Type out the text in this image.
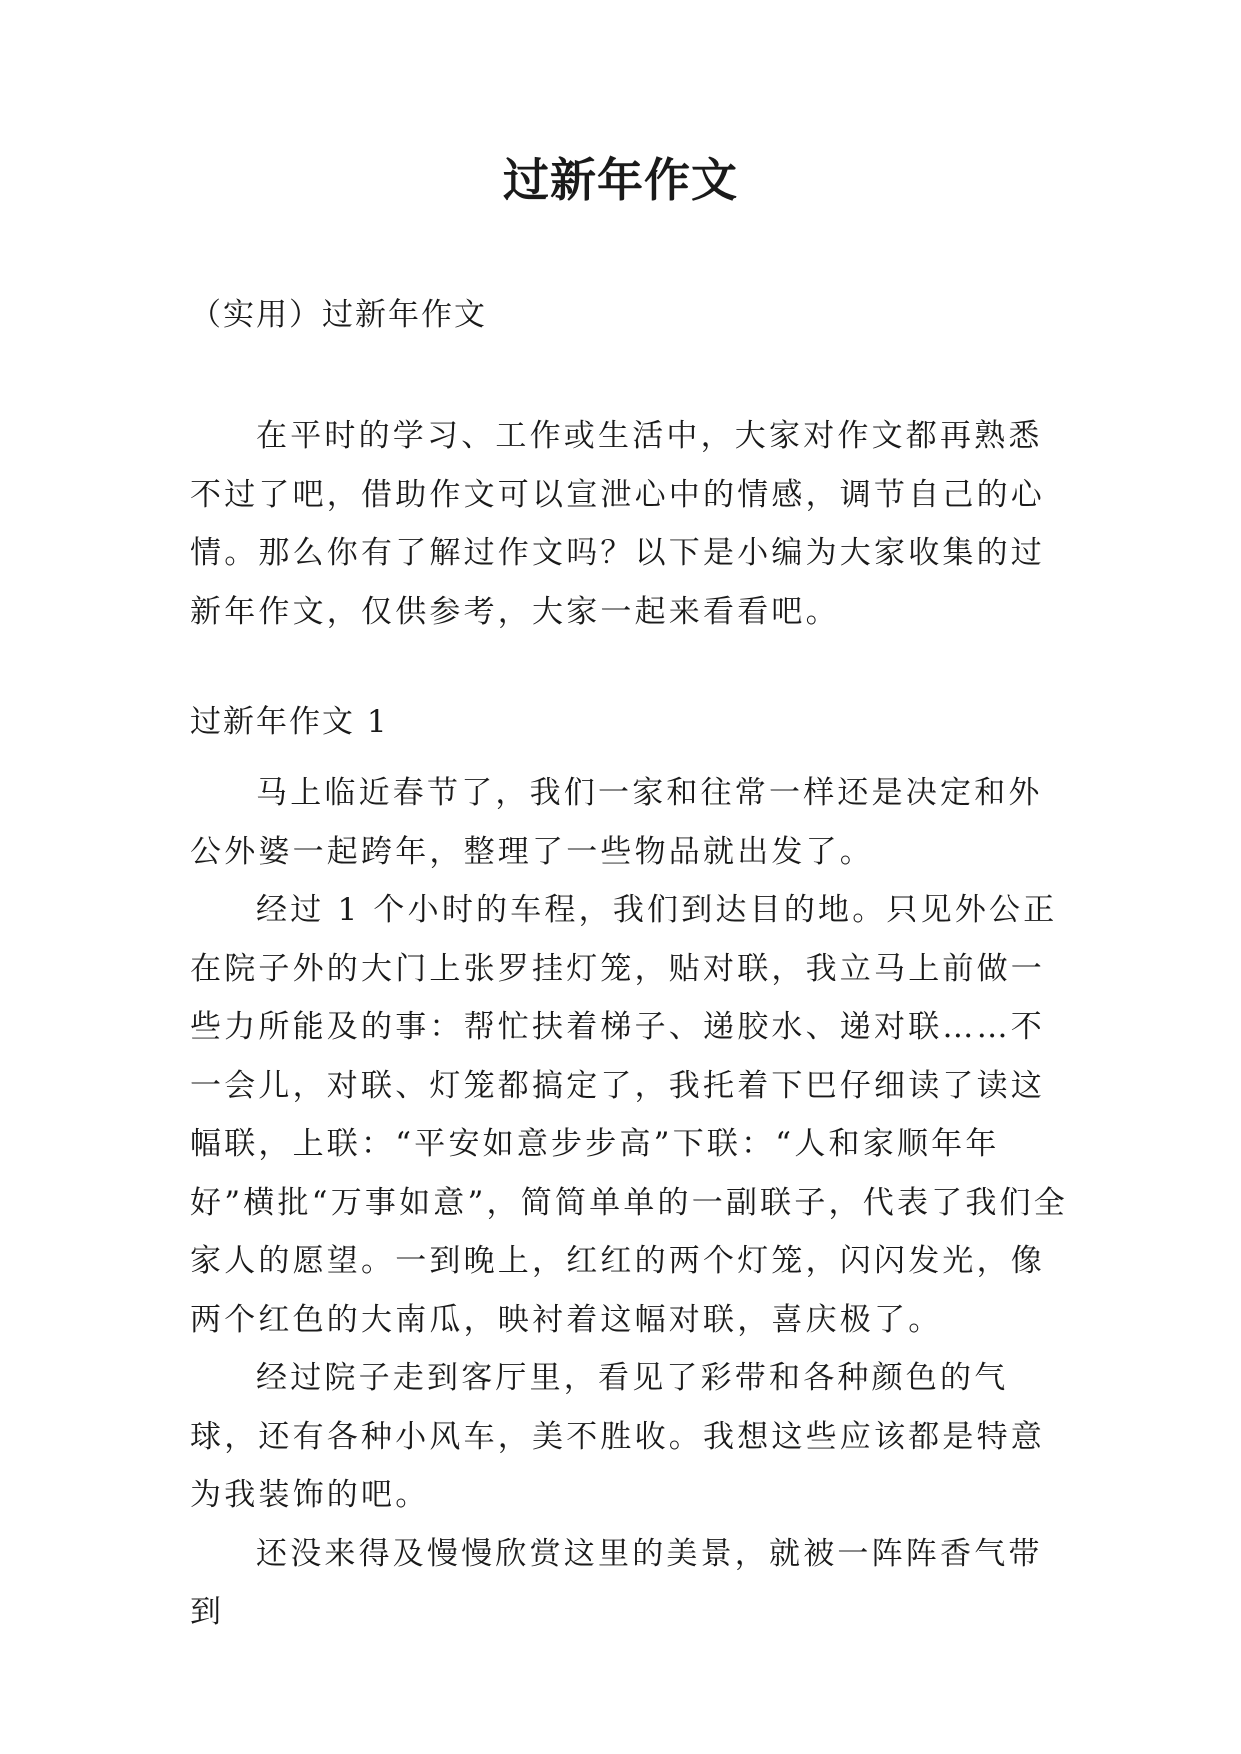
过新年作文
（实用）过新年作文

在平时的学习、工作或生活中，大家对作文都再熟悉不过了吧，借助作文可以宣泄心中的情感，调节自己的心情。那么你有了解过作文吗？以下是小编为大家收集的过新年作文，仅供参考，大家一起来看看吧。

过新年作文 1

马上临近春节了，我们一家和往常一样还是决定和外公外婆一起跨年，整理了一些物品就出发了。

经过 1 个小时的车程，我们到达目的地。只见外公正在院子外的大门上张罗挂灯笼，贴对联，我立马上前做一些力所能及的事：帮忙扶着梯子、递胶水、递对联……不一会儿，对联、灯笼都搞定了，我托着下巴仔细读了读这幅联，上联：“平安如意步步高”下联：“人和家顺年年好”横批“万事如意”，简简单单的一副联子，代表了我们全家人的愿望。一到晚上，红红的两个灯笼，闪闪发光，像两个红色的大南瓜，映衬着这幅对联，喜庆极了。

经过院子走到客厅里，看见了彩带和各种颜色的气球，还有各种小风车，美不胜收。我想这些应该都是特意为我装饰的吧。

还没来得及慢慢欣赏这里的美景，就被一阵阵香气带到
